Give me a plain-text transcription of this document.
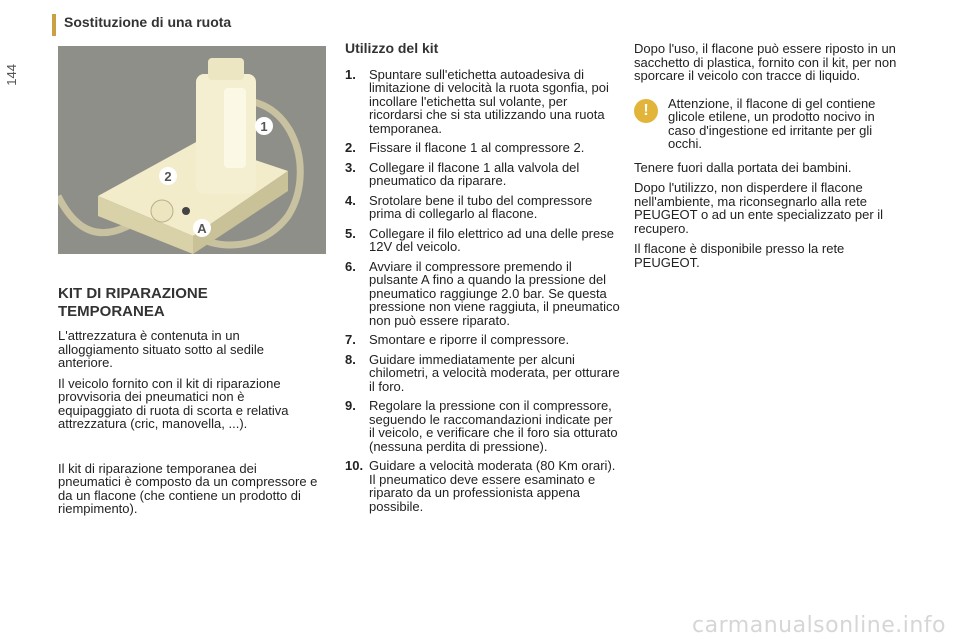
Sostituzione di una ruota
144
1
2
A
KIT DI RIPARAZIONE TEMPORANEA

L'attrezzatura è contenuta in un alloggiamento situato sotto al sedile anteriore.

Il veicolo fornito con il kit di riparazione provvisoria dei pneumatici non è equipaggiato di ruota di scorta e relativa attrezzatura (cric, manovella, ...).

Il kit di riparazione temporanea dei pneumatici è composto da un compressore e da un flacone (che contiene un prodotto di riempimento).

Utilizzo del kit
1. Spuntare sull'etichetta autoadesiva di limitazione di velocità la ruota sgonfia, poi incollare l'etichetta sul volante, per ricordarsi che si sta utilizzando una ruota temporanea.
2. Fissare il flacone 1 al compressore 2.
3. Collegare il flacone 1 alla valvola del pneumatico da riparare.
4. Srotolare bene il tubo del compressore prima di collegarlo al flacone.
5. Collegare il filo elettrico ad una delle prese 12V del veicolo.
6. Avviare il compressore premendo il pulsante A fino a quando la pressione del pneumatico raggiunge 2.0 bar. Se questa pressione non viene raggiuta, il pneumatico non può essere riparato.
7. Smontare e riporre il compressore.
8. Guidare immediatamente per alcuni chilometri, a velocità moderata, per otturare il foro.
9. Regolare la pressione con il compressore, seguendo le raccomandazioni indicate per il veicolo, e verificare che il foro sia otturato (nessuna perdita di pressione).
10. Guidare a velocità moderata (80 Km orari). Il pneumatico deve essere esaminato e riparato da un professionista appena possibile.

Dopo l'uso, il flacone può essere riposto in un sacchetto di plastica, fornito con il kit, per non sporcare il veicolo con tracce di liquido.

!	Attenzione, il flacone di gel contiene glicole etilene, un prodotto nocivo in caso d'ingestione ed irritante per gli occhi.

Tenere fuori dalla portata dei bambini.

Dopo l'utilizzo, non disperdere il flacone nell'ambiente, ma riconsegnarlo alla rete PEUGEOT o ad un ente specializzato per il recupero.

Il flacone è disponibile presso la rete PEUGEOT.

carmanualsonline.info
